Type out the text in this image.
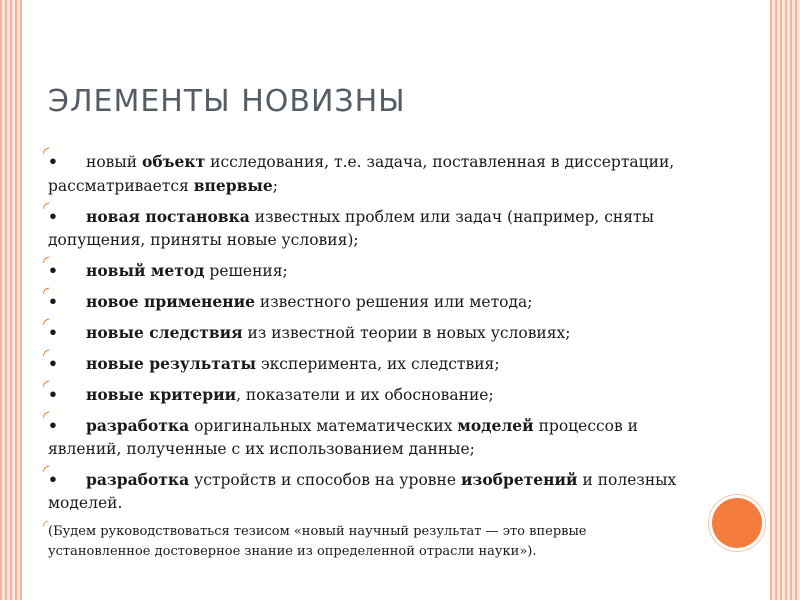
ЭЛЕМЕНТЫ НОВИЗНЫ
◜
• новый объект исследования, т.е. задача, поставленная в диссертации, рассматривается впервые;
◜
• новая постановка известных проблем или задач (например, сняты допущения, приняты новые условия);
◜
• новый метод решения;
◜
• новое применение известного решения или метода;
◜
• новые следствия из известной теории в новых условиях;
◜
• новые результаты эксперимента, их следствия;
◜
• новые критерии, показатели и их обоснование;
◜
• разработка оригинальных математических моделей процессов и явлений, полученные с их использованием данные;
◜
• разработка устройств и способов на уровне изобретений и полезных моделей.
◜ (Будем руководствоваться тезисом «новый научный результат — это впервые установленное достоверное знание из определенной отрасли науки»).
